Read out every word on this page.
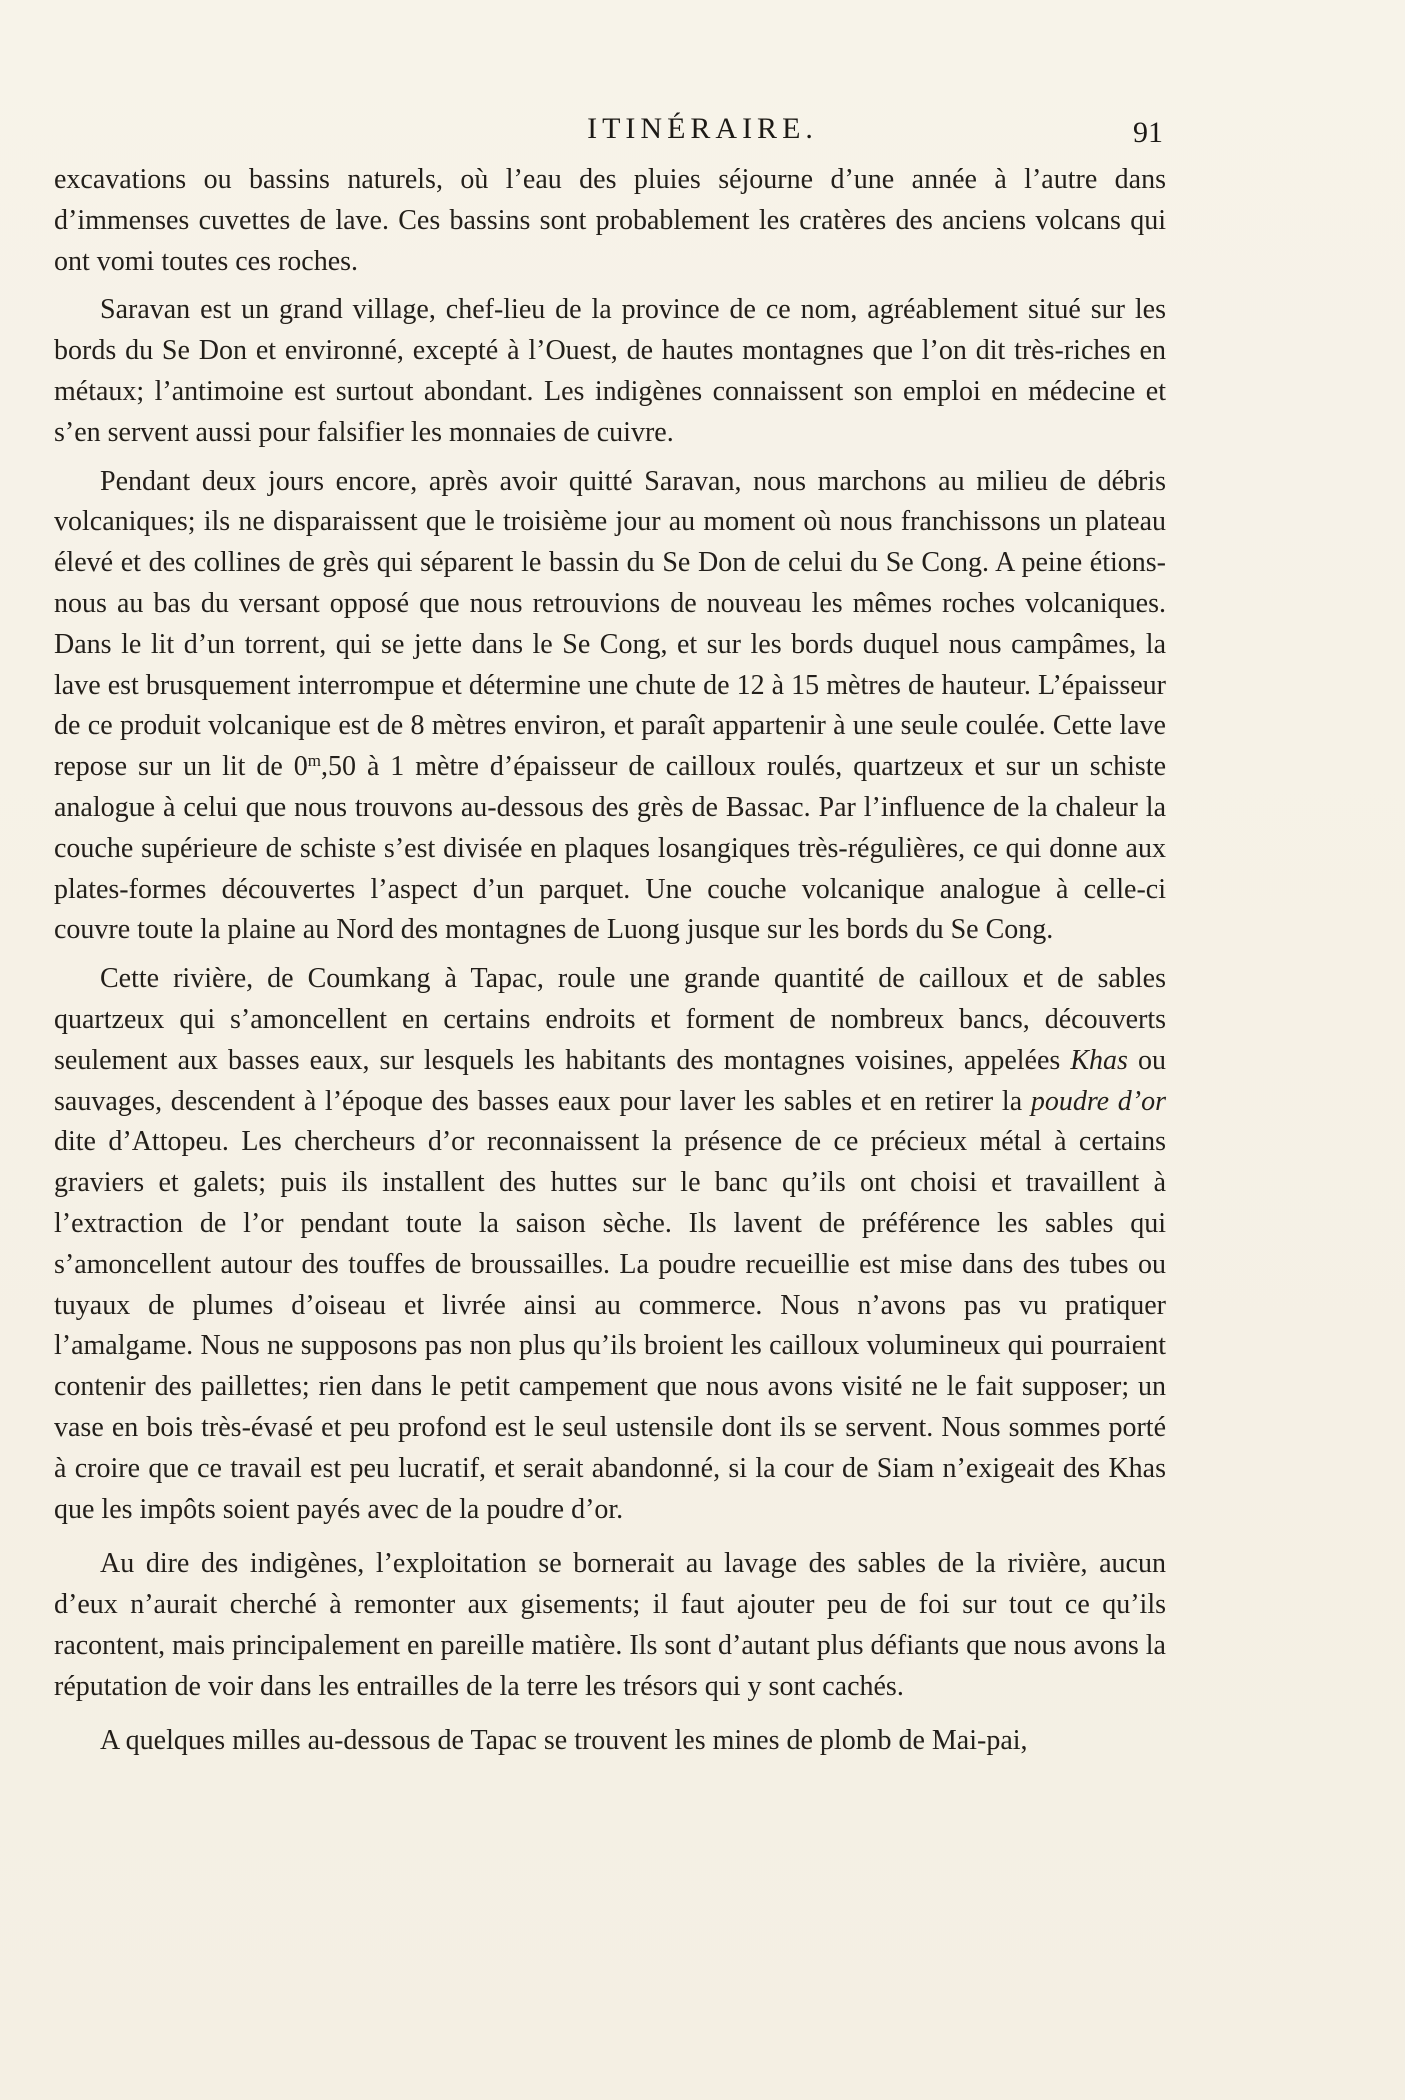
ITINÉRAIRE.	91

excavations ou bassins naturels, où l’eau des pluies séjourne d’une année à l’autre dans d’immenses cuvettes de lave. Ces bassins sont probablement les cratères des anciens volcans qui ont vomi toutes ces roches.

Saravan est un grand village, chef-lieu de la province de ce nom, agréablement situé sur les bords du Se Don et environné, excepté à l’Ouest, de hautes montagnes que l’on dit très-riches en métaux; l’antimoine est surtout abondant. Les indigènes connaissent son emploi en médecine et s’en servent aussi pour falsifier les monnaies de cuivre.

Pendant deux jours encore, après avoir quitté Saravan, nous marchons au milieu de débris volcaniques; ils ne disparaissent que le troisième jour au moment où nous franchissons un plateau élevé et des collines de grès qui séparent le bassin du Se Don de celui du Se Cong. A peine étions-nous au bas du versant opposé que nous retrouvions de nouveau les mêmes roches volcaniques. Dans le lit d’un torrent, qui se jette dans le Se Cong, et sur les bords duquel nous campâmes, la lave est brusquement interrompue et détermine une chute de 12 à 15 mètres de hauteur. L’épaisseur de ce produit volcanique est de 8 mètres environ, et paraît appartenir à une seule coulée. Cette lave repose sur un lit de 0$^m$,50 à 1 mètre d’épaisseur de cailloux roulés, quartzeux et sur un schiste analogue à celui que nous trouvons au-dessous des grès de Bassac. Par l’influence de la chaleur la couche supérieure de schiste s’est divisée en plaques losangiques très-régulières, ce qui donne aux plates-formes découvertes l’aspect d’un parquet. Une couche volcanique analogue à celle-ci couvre toute la plaine au Nord des montagnes de Luong jusque sur les bords du Se Cong.

Cette rivière, de Coumkang à Tapac, roule une grande quantité de cailloux et de sables quartzeux qui s’amoncellent en certains endroits et forment de nombreux bancs, découverts seulement aux basses eaux, sur lesquels les habitants des montagnes voisines, appelées Khas ou sauvages, descendent à l’époque des basses eaux pour laver les sables et en retirer la poudre d’or dite d’Attopeu. Les chercheurs d’or reconnaissent la présence de ce précieux métal à certains graviers et galets; puis ils installent des huttes sur le banc qu’ils ont choisi et travaillent à l’extraction de l’or pendant toute la saison sèche. Ils lavent de préférence les sables qui s’amoncellent autour des touffes de broussailles. La poudre recueillie est mise dans des tubes ou tuyaux de plumes d’oiseau et livrée ainsi au commerce. Nous n’avons pas vu pratiquer l’amalgame. Nous ne supposons pas non plus qu’ils broient les cailloux volumineux qui pourraient contenir des paillettes; rien dans le petit campement que nous avons visité ne le fait supposer; un vase en bois très-évasé et peu profond est le seul ustensile dont ils se servent. Nous sommes porté à croire que ce travail est peu lucratif, et serait abandonné, si la cour de Siam n’exigeait des Khas que les impôts soient payés avec de la poudre d’or.

Au dire des indigènes, l’exploitation se bornerait au lavage des sables de la rivière, aucun d’eux n’aurait cherché à remonter aux gisements; il faut ajouter peu de foi sur tout ce qu’ils racontent, mais principalement en pareille matière. Ils sont d’autant plus défiants que nous avons la réputation de voir dans les entrailles de la terre les trésors qui y sont cachés.

A quelques milles au-dessous de Tapac se trouvent les mines de plomb de Mai-pai,
